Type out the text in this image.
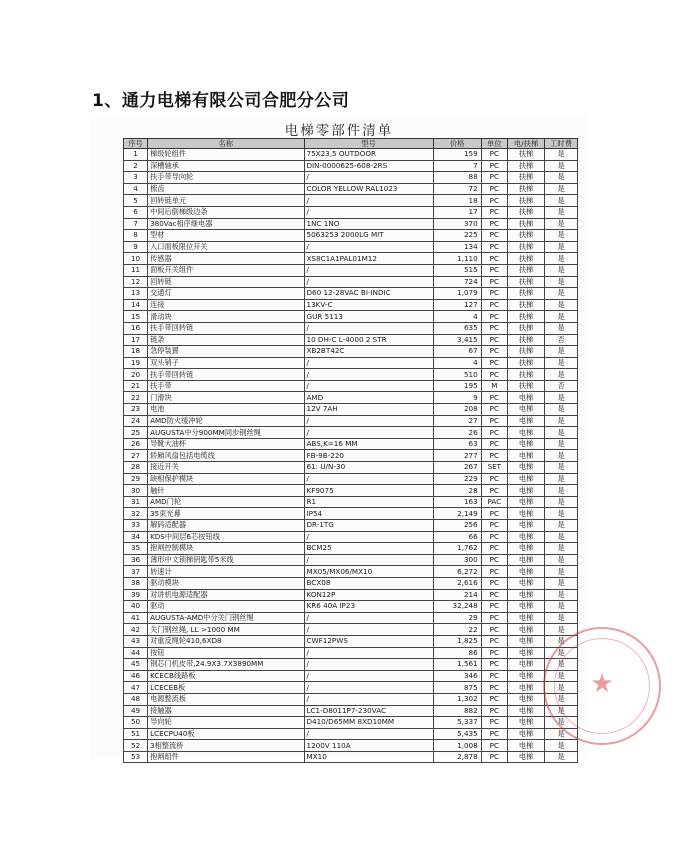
1、通力电梯有限公司合肥分公司
电梯零部件清单
序号	名称	型号	价格	单位	电/扶梯	工时费
1	梯级轮组件	75X23,5 OUTDOOR	159	PC	扶梯	是
2	深槽轴承	DIN-0000625-608-2RS	7	PC	扶梯	是
3	扶手带导向轮	/	88	PC	扶梯	是
4	梳齿	COLOR YELLOW RAL1023	72	PC	扶梯	是
5	回转链单元	/	18	PC	扶梯	是
6	中间后倒梯级边条	/	17	PC	扶梯	是
7	380Vac相序继电器	1NC 1NO	370	PC	扶梯	是
8	型材	5063253 2000LG MIT	225	PC	扶梯	是
9	入口面板限位开关	/	134	PC	扶梯	是
10	传感器	XS8C1A1PAL01M12	1,110	PC	扶梯	是
11	面板开关组件	/	515	PC	扶梯	是
12	回转链	/	724	PC	扶梯	是
13	交通灯	D60 12-28VAC BI-INDIC	1,079	PC	扶梯	是
14	连接	13KV-C	127	PC	扶梯	是
15	滑动块	GUR 5113	4	PC	扶梯	是
16	扶手带回转链	/	635	PC	扶梯	是
17	链条	10 DH-C L-4000 2 STR	3,415	PC	扶梯	否
18	急停装置	XB2BT42C	67	PC	扶梯	是
19	双头销子	/	4	PC	扶梯	是
20	扶手带回转链	/	510	PC	扶梯	是
21	扶手带	/	195	M	扶梯	否
22	门滑块	AMD	9	PC	电梯	是
23	电池	12V 7AH	208	PC	电梯	是
24	AMD防火缓冲轮	/	27	PC	电梯	是
25	AUGUSTA中分900MM同步钢丝绳	/	26	PC	电梯	是
26	导靴大油杯	ABS,K=16 MM	63	PC	电梯	是
27	轿厢风扇包括电缆线	FB-9B-220	277	PC	电梯	是
28	接近开关	61: U/N-30	267	SET	电梯	是
29	缺相保护模块	/	229	PC	电梯	是
30	触针	KF9075	28	PC	电梯	是
31	AMD门轮	R1	163	PAC	电梯	是
32	35束光幕	IP54	2,149	PC	电梯	是
33	解码适配器	DR-1TG	256	PC	电梯	是
34	KDS中间层6芯按钮线	/	66	PC	电梯	是
35	抱闸控制模块	BCM25	1,762	PC	电梯	是
36	薄形中文锁梯钥匙带5米线	/	300	PC	电梯	是
37	转速计	MX05/MX06/MX10	6,272	PC	电梯	是
38	驱动模块	BCX08	2,616	PC	电梯	是
39	对讲机电源适配器	KON12P	214	PC	电梯	是
40	驱动	KR6 40A IP23	32,248	PC	电梯	是
41	AUGUSTA-AMD中分关门钢丝绳	/	29	PC	电梯	是
42	关门钢丝绳, LL >1000 MM	/	22	PC	电梯	是
43	对重反绳轮410,6XD8	CWF12PWS	1,825	PC	电梯	是
44	按钮	/	86	PC	电梯	是
45	钢芯门机皮带,24.9X3.7X3890MM	/	1,561	PC	电梯	是
46	KCECB线路板	/	346	PC	电梯	是
47	LCECEB板	/	875	PC	电梯	是
48	电源整流板	/	1,302	PC	电梯	是
49	接触器	LC1-D8011P7-230VAC	882	PC	电梯	是
50	导向轮	D410/D65MM 8XD10MM	5,337	PC	电梯	是
51	LCECPU40板	/	5,435	PC	电梯	是
52	3相整流桥	1200V 110A	1,008	PC	电梯	是
53	抱闸组件	MX10	2,878	PC	电梯	是
★
